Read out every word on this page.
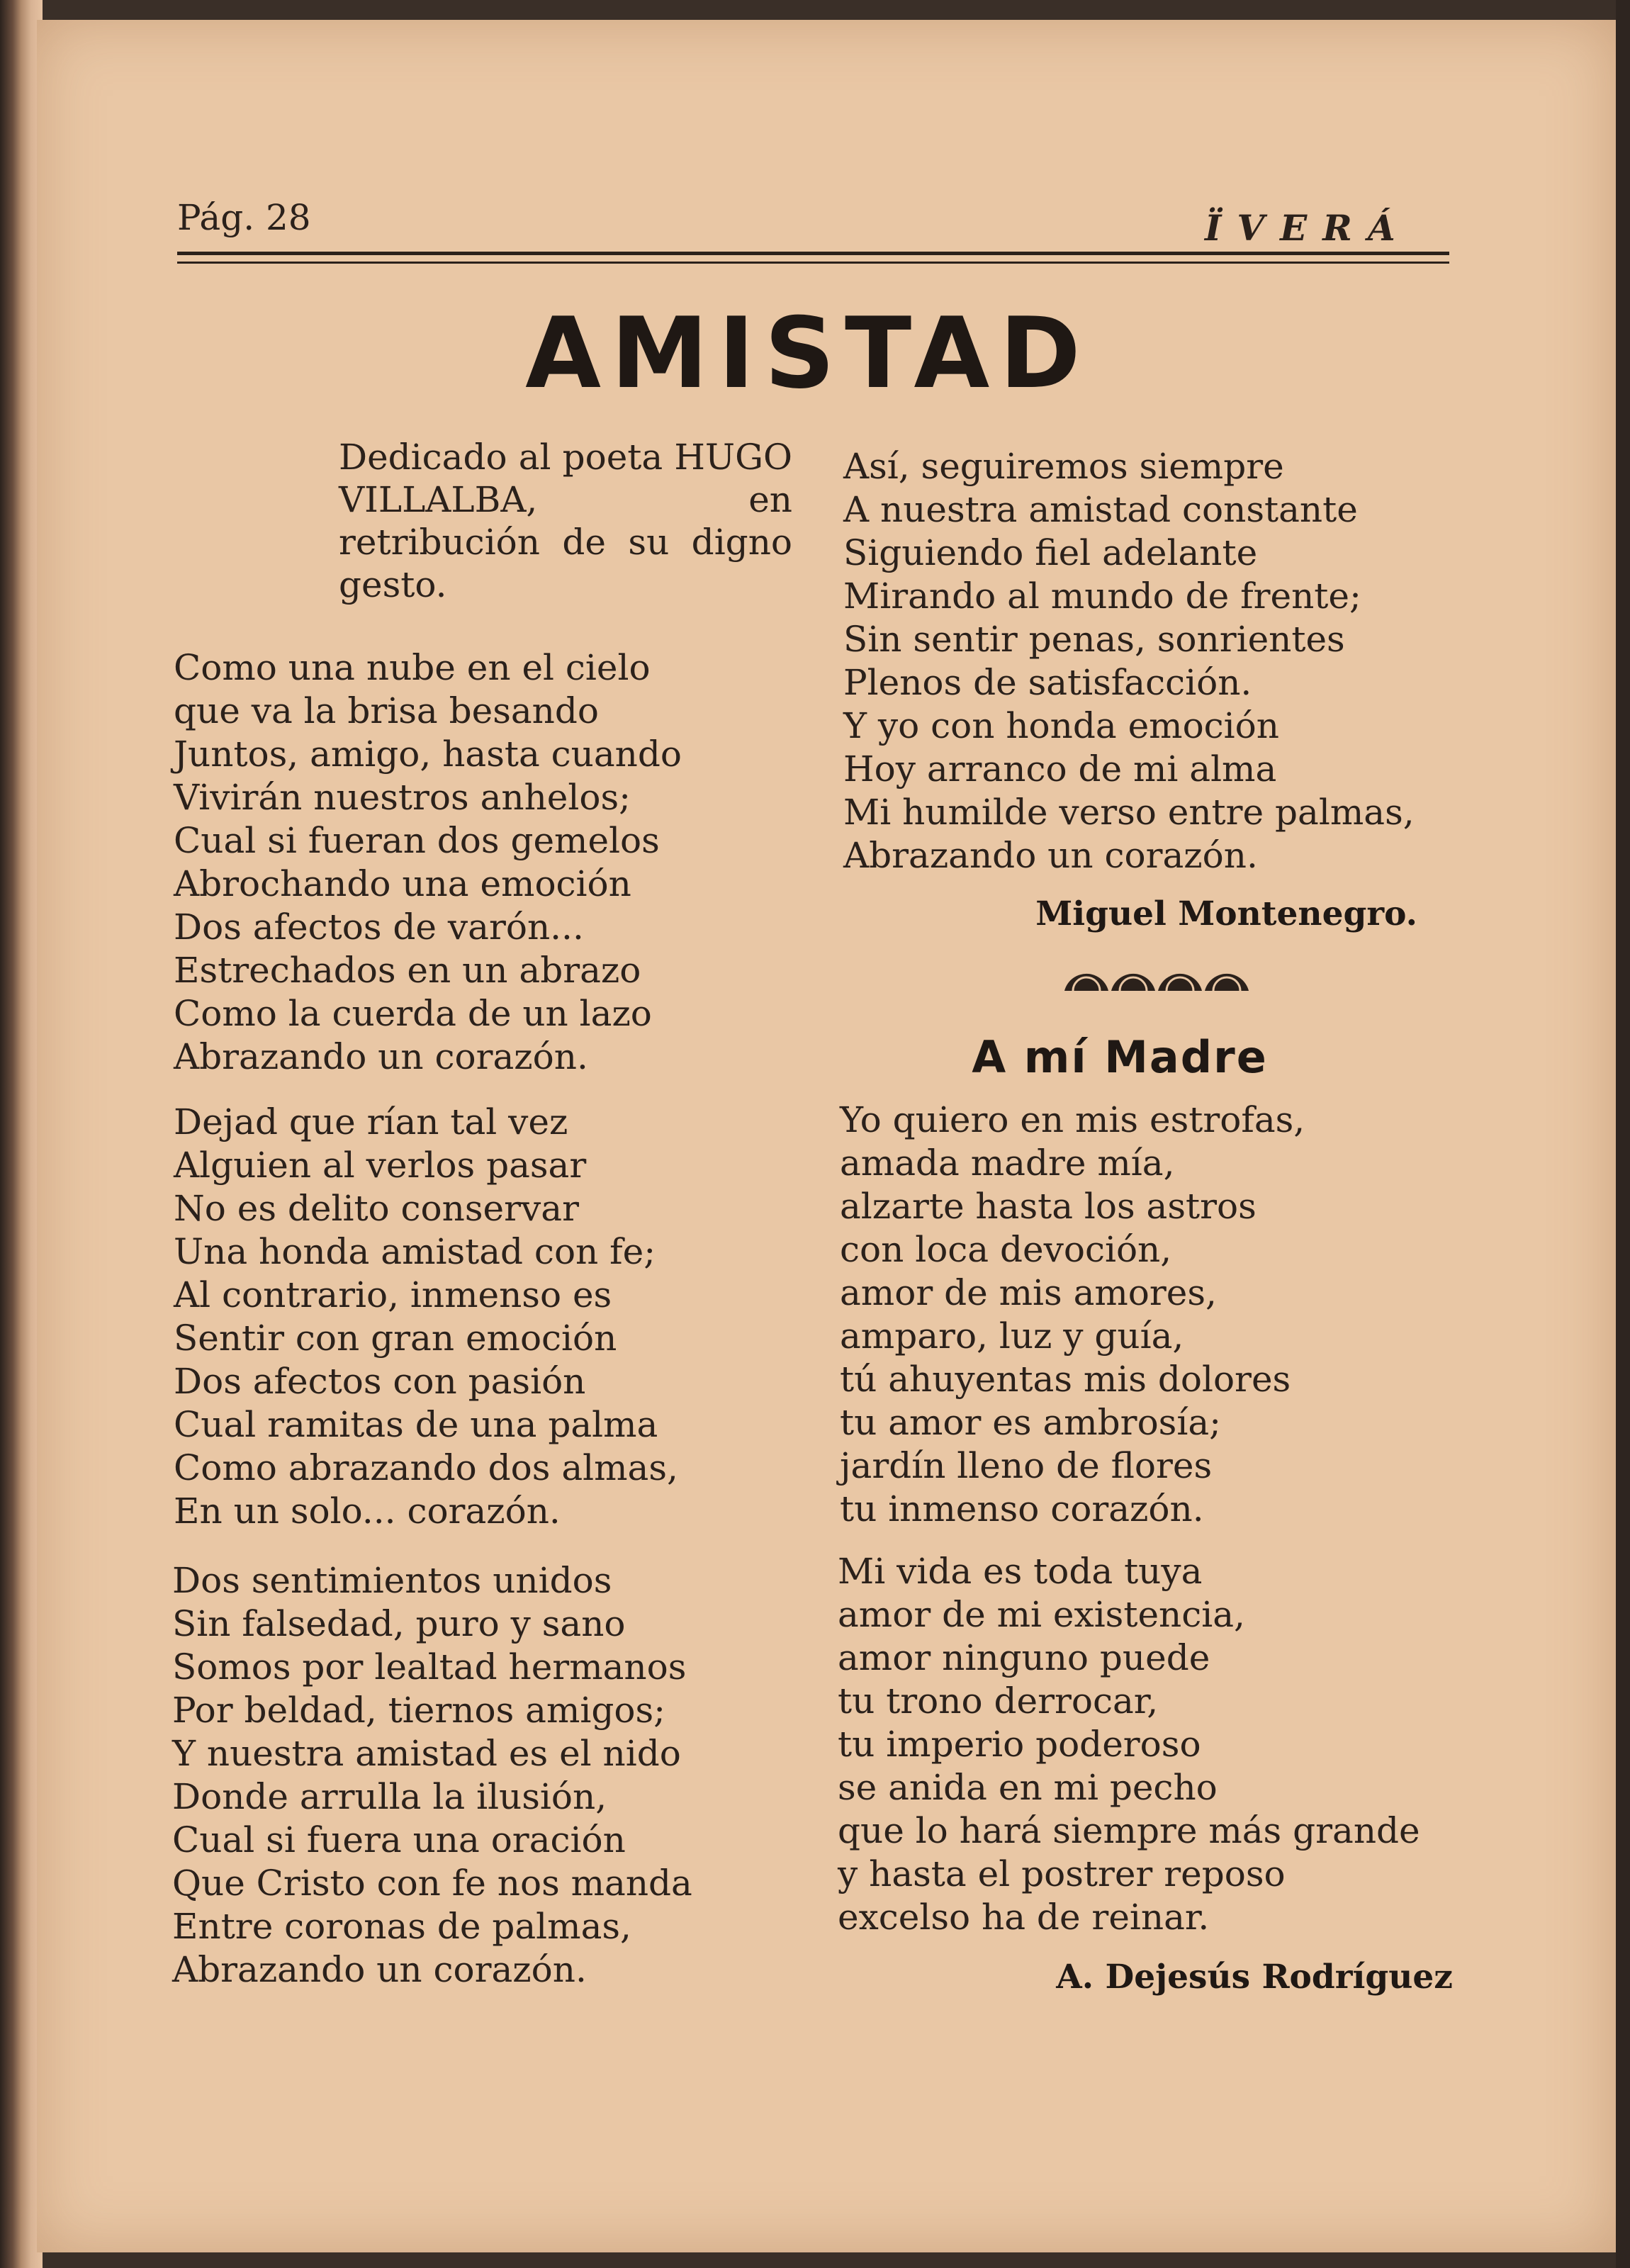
Pág. 28	ÏVERÁ
AMISTAD
Dedicado al poeta HUGO VILLALBA, en retribución de su digno gesto.
Como una nube en el cielo
que va la brisa besando
Juntos, amigo, hasta cuando
Vivirán nuestros anhelos;
Cual si fueran dos gemelos
Abrochando una emoción
Dos afectos de varón...
Estrechados en un abrazo
Como la cuerda de un lazo
Abrazando un corazón.
Dejad que rían tal vez
Alguien al verlos pasar
No es delito conservar
Una honda amistad con fe;
Al contrario, inmenso es
Sentir con gran emoción
Dos afectos con pasión
Cual ramitas de una palma
Como abrazando dos almas,
En un solo... corazón.
Dos sentimientos unidos
Sin falsedad, puro y sano
Somos por lealtad hermanos
Por beldad, tiernos amigos;
Y nuestra amistad es el nido
Donde arrulla la ilusión,
Cual si fuera una oración
Que Cristo con fe nos manda
Entre coronas de palmas,
Abrazando un corazón.
Así, seguiremos siempre
A nuestra amistad constante
Siguiendo fiel adelante
Mirando al mundo de frente;
Sin sentir penas, sonrientes
Plenos de satisfacción.
Y yo con honda emoción
Hoy arranco de mi alma
Mi humilde verso entre palmas,
Abrazando un corazón.
Miguel Montenegro.
A mí Madre
Yo quiero en mis estrofas,
amada madre mía,
alzarte hasta los astros
con loca devoción,
amor de mis amores,
amparo, luz y guía,
tú ahuyentas mis dolores
tu amor es ambrosía;
jardín lleno de flores
tu inmenso corazón.
Mi vida es toda tuya
amor de mi existencia,
amor ninguno puede
tu trono derrocar,
tu imperio poderoso
se anida en mi pecho
que lo hará siempre más grande
y hasta el postrer reposo
excelso ha de reinar.
A. Dejesús Rodríguez
